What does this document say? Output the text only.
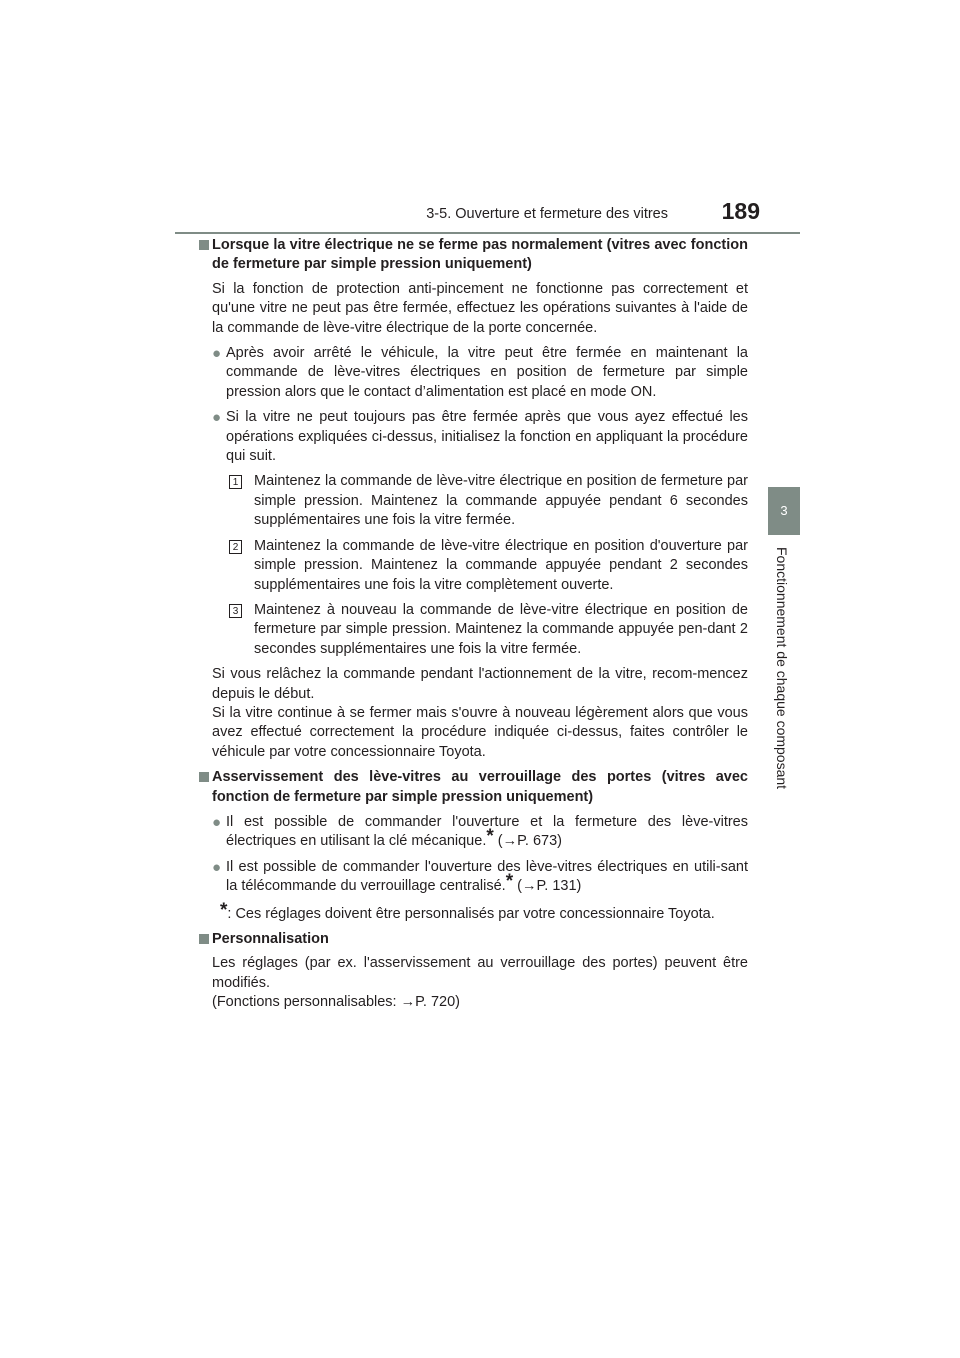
3-5. Ouverture et fermeture des vitres 189
3
Fonctionnement de chaque composant

Lorsque la vitre électrique ne se ferme pas normalement (vitres avec fonction de fermeture par simple pression uniquement)

Si la fonction de protection anti-pincement ne fonctionne pas correctement et qu'une vitre ne peut pas être fermée, effectuez les opérations suivantes à l'aide de la commande de lève-vitre électrique de la porte concernée.

● Après avoir arrêté le véhicule, la vitre peut être fermée en maintenant la commande de lève-vitres électriques en position de fermeture par simple pression alors que le contact d’alimentation est placé en mode ON.

● Si la vitre ne peut toujours pas être fermée après que vous ayez effectué les opérations expliquées ci-dessus, initialisez la fonction en appliquant la procédure qui suit.

1 Maintenez la commande de lève-vitre électrique en position de fermeture par simple pression. Maintenez la commande appuyée pendant 6 secondes supplémentaires une fois la vitre fermée.

2 Maintenez la commande de lève-vitre électrique en position d'ouverture par simple pression. Maintenez la commande appuyée pendant 2 secondes supplémentaires une fois la vitre complètement ouverte.

3 Maintenez à nouveau la commande de lève-vitre électrique en position de fermeture par simple pression. Maintenez la commande appuyée pen-dant 2 secondes supplémentaires une fois la vitre fermée.

Si vous relâchez la commande pendant l'actionnement de la vitre, recom-mencez depuis le début.

Si la vitre continue à se fermer mais s'ouvre à nouveau légèrement alors que vous avez effectué correctement la procédure indiquée ci-dessus, faites contrôler le véhicule par votre concessionnaire Toyota.

Asservissement des lève-vitres au verrouillage des portes (vitres avec fonction de fermeture par simple pression uniquement)

● Il est possible de commander l'ouverture et la fermeture des lève-vitres électriques en utilisant la clé mécanique.* (→P. 673)

● Il est possible de commander l'ouverture des lève-vitres électriques en utili-sant la télécommande du verrouillage centralisé.* (→P. 131)

*: Ces réglages doivent être personnalisés par votre concessionnaire Toyota.

Personnalisation

Les réglages (par ex. l'asservissement au verrouillage des portes) peuvent être modifiés.

(Fonctions personnalisables: →P. 720)
